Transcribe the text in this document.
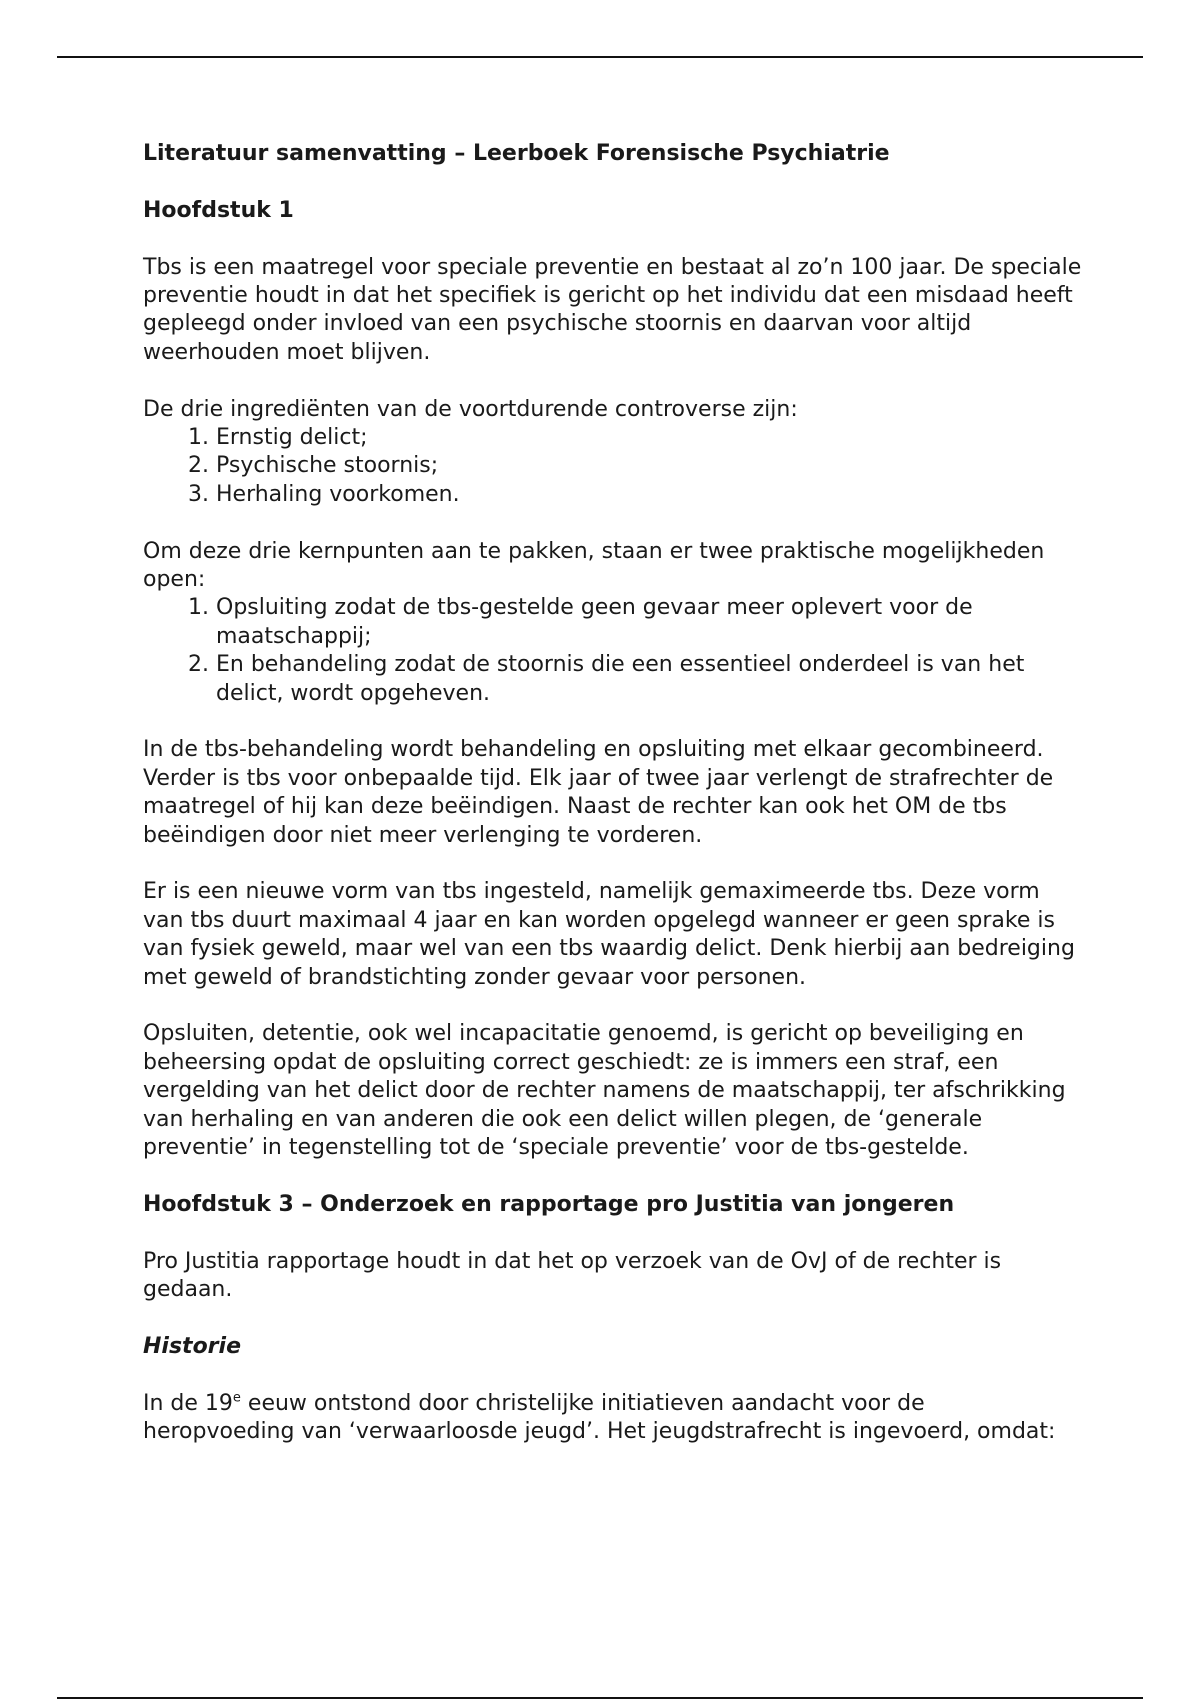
Literatuur samenvatting – Leerboek Forensische Psychiatrie
Hoofdstuk 1

Tbs is een maatregel voor speciale preventie en bestaat al zo’n 100 jaar. De speciale preventie houdt in dat het specifiek is gericht op het individu dat een misdaad heeft gepleegd onder invloed van een psychische stoornis en daarvan voor altijd weerhouden moet blijven.

De drie ingrediënten van de voortdurende controverse zijn:

1. Ernstig delict;
2. Psychische stoornis;
3. Herhaling voorkomen.

Om deze drie kernpunten aan te pakken, staan er twee praktische mogelijkheden open:

1. Opsluiting zodat de tbs-gestelde geen gevaar meer oplevert voor de maatschappij;
2. En behandeling zodat de stoornis die een essentieel onderdeel is van het delict, wordt opgeheven.

In de tbs-behandeling wordt behandeling en opsluiting met elkaar gecombineerd. Verder is tbs voor onbepaalde tijd. Elk jaar of twee jaar verlengt de strafrechter de maatregel of hij kan deze beëindigen. Naast de rechter kan ook het OM de tbs beëindigen door niet meer verlenging te vorderen.

Er is een nieuwe vorm van tbs ingesteld, namelijk gemaximeerde tbs. Deze vorm van tbs duurt maximaal 4 jaar en kan worden opgelegd wanneer er geen sprake is van fysiek geweld, maar wel van een tbs waardig delict. Denk hierbij aan bedreiging met geweld of brandstichting zonder gevaar voor personen.

Opsluiten, detentie, ook wel incapacitatie genoemd, is gericht op beveiliging en beheersing opdat de opsluiting correct geschiedt: ze is immers een straf, een vergelding van het delict door de rechter namens de maatschappij, ter afschrikking van herhaling en van anderen die ook een delict willen plegen, de ‘generale preventie’ in tegenstelling tot de ‘speciale preventie’ voor de tbs-gestelde.

Hoofdstuk 3 – Onderzoek en rapportage pro Justitia van jongeren

Pro Justitia rapportage houdt in dat het op verzoek van de OvJ of de rechter is gedaan.

Historie

In de 19e eeuw ontstond door christelijke initiatieven aandacht voor de heropvoeding van ‘verwaarloosde jeugd’. Het jeugdstrafrecht is ingevoerd, omdat:
